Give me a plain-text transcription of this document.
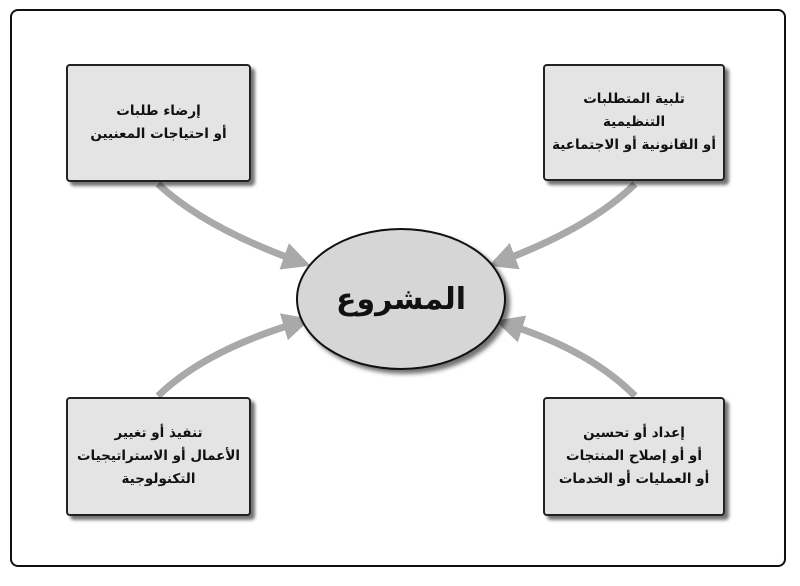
إرضاء طلبات
أو احتياجات المعنيين
تلبية المتطلبات
التنظيمية
أو القانونية أو الاجتماعية
تنفيذ أو تغيير
الأعمال أو الاستراتيجيات
التكنولوجية
إعداد أو تحسين
أو أو إصلاح المنتجات
أو العمليات أو الخدمات
المشروع
